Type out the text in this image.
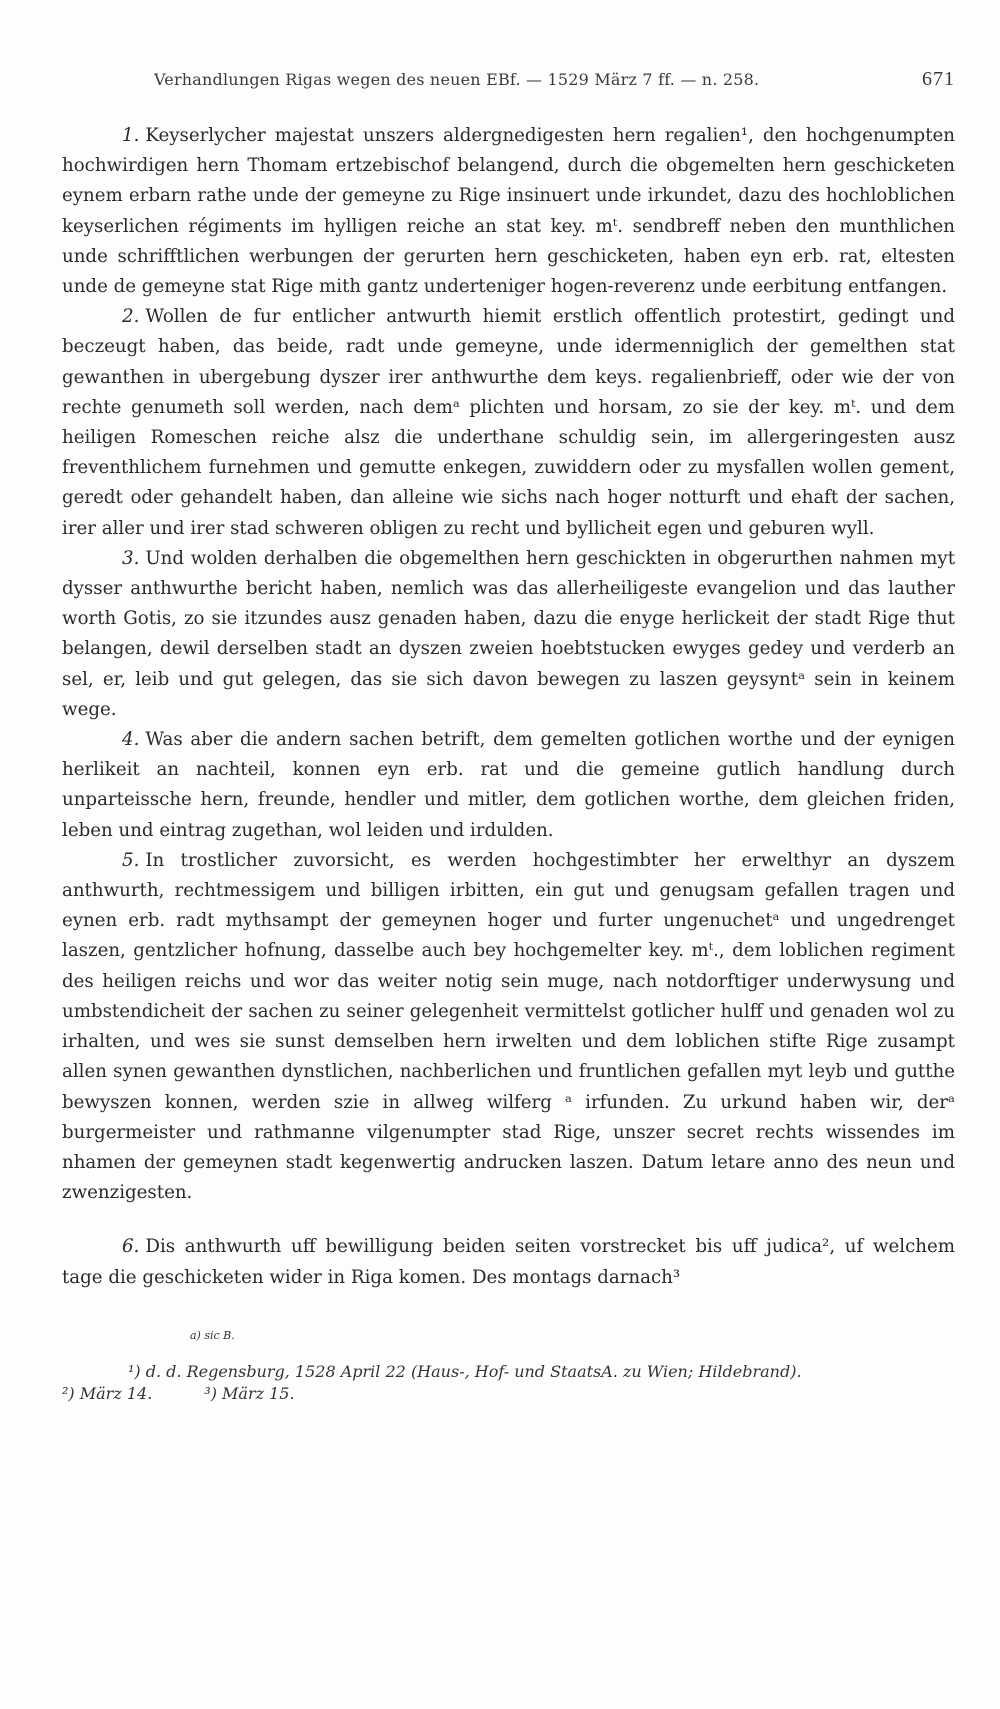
Verhandlungen Rigas wegen des neuen EBf. — 1529 März 7 ff. — n. 258.	671

1. Keyserlycher majestat unszers aldergnedigesten hern regalien¹, den hochgenumpten hochwirdigen hern Thomam ertzebischof belangend, durch die obgemelten hern geschicketen eynem erbarn rathe unde der gemeyne zu Rige insinuert unde irkundet, dazu des hochloblichen keyserlichen régiments im hylligen reiche an stat key. mᵗ. sendbreff neben den munthlichen unde schrifftlichen werbungen der gerurten hern geschicketen, haben eyn erb. rat, eltesten unde de gemeyne stat Rige mith gantz underteniger hogen-reverenz unde eerbitung entfangen.

2. Wollen de fur entlicher antwurth hiemit erstlich offentlich protestirt, gedingt und beczeugt haben, das beide, radt unde gemeyne, unde idermenniglich der gemelthen stat gewanthen in ubergebung dyszer irer anthwurthe dem keys. regalienbrieff, oder wie der von rechte genumeth soll werden, nach demᵃ plichten und horsam, zo sie der key. mᵗ. und dem heiligen Romeschen reiche alsz die underthane schuldig sein, im allergeringesten ausz freventhlichem furnehmen und gemutte enkegen, zuwiddern oder zu mysfallen wollen gement, geredt oder gehandelt haben, dan alleine wie sichs nach hoger notturft und ehaft der sachen, irer aller und irer stad schweren obligen zu recht und byllicheit egen und geburen wyll.

3. Und wolden derhalben die obgemelthen hern geschickten in obgerurthen nahmen myt dysser anthwurthe bericht haben, nemlich was das allerheiligeste evangelion und das lauther worth Gotis, zo sie itzundes ausz genaden haben, dazu die enyge herlickeit der stadt Rige thut belangen, dewil derselben stadt an dyszen zweien hoebtstucken ewyges gedey und verderb an sel, er, leib und gut gelegen, das sie sich davon bewegen zu laszen geysyntᵃ sein in keinem wege.

4. Was aber die andern sachen betrift, dem gemelten gotlichen worthe und der eynigen herlikeit an nachteil, konnen eyn erb. rat und die gemeine gutlich handlung durch unparteissche hern, freunde, hendler und mitler, dem gotlichen worthe, dem gleichen friden, leben und eintrag zugethan, wol leiden und irdulden.

5. In trostlicher zuvorsicht, es werden hochgestimbter her erwelthyr an dyszem anthwurth, rechtmessigem und billigen irbitten, ein gut und genugsam gefallen tragen und eynen erb. radt mythsampt der gemeynen hoger und furter ungenuchetᵃ und ungedrenget laszen, gentzlicher hofnung, dasselbe auch bey hochgemelter key. mᵗ., dem loblichen regiment des heiligen reichs und wor das weiter notig sein muge, nach notdorftiger underwysung und umbstendicheit der sachen zu seiner gelegenheit vermittelst gotlicher hulff und genaden wol zu irhalten, und wes sie sunst demselben hern irwelten und dem loblichen stifte Rige zusampt allen synen gewanthen dynstlichen, nachberlichen und fruntlichen gefallen myt leyb und gutthe bewyszen konnen, werden szie in allweg wilferg ᵃ irfunden. Zu urkund haben wir, derᵃ burgermeister und rathmanne vilgenumpter stad Rige, unszer secret rechts wissendes im nhamen der gemeynen stadt kegenwertig andrucken laszen. Datum letare anno des neun und zwenzigesten.

6. Dis anthwurth uff bewilligung beiden seiten vorstrecket bis uff judica², uf welchem tage die geschicketen wider in Riga komen. Des montags darnach³

a) sic B.
¹) d. d. Regensburg, 1528 April 22 (Haus-, Hof- und StaatsA. zu Wien; Hildebrand).
²) März 14.	³) März 15.
